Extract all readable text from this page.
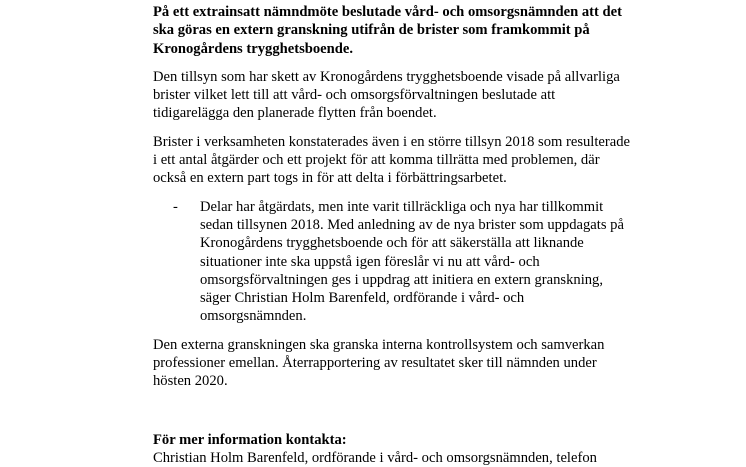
På ett extrainsatt nämndmöte beslutade vård- och omsorgsnämnden att det ska göras en extern granskning utifrån de brister som framkommit på Kronogårdens trygghetsboende.

Den tillsyn som har skett av Kronogårdens trygghetsboende visade på allvarliga brister vilket lett till att vård- och omsorgsförvaltningen beslutade att tidigarelägga den planerade flytten från boendet.

Brister i verksamheten konstaterades även i en större tillsyn 2018 som resulterade i ett antal åtgärder och ett projekt för att komma tillrätta med problemen, där också en extern part togs in för att delta i förbättringsarbetet.

- Delar har åtgärdats, men inte varit tillräckliga och nya har tillkommit sedan tillsynen 2018. Med anledning av de nya brister som uppdagats på Kronogårdens trygghetsboende och för att säkerställa att liknande situationer inte ska uppstå igen föreslår vi nu att vård- och omsorgsförvaltningen ges i uppdrag att initiera en extern granskning, säger Christian Holm Barenfeld, ordförande i vård- och omsorgsnämnden.

Den externa granskningen ska granska interna kontrollsystem och samverkan professioner emellan. Återrapportering av resultatet sker till nämnden under hösten 2020.

För mer information kontakta:

Christian Holm Barenfeld, ordförande i vård- och omsorgsnämnden, telefon
